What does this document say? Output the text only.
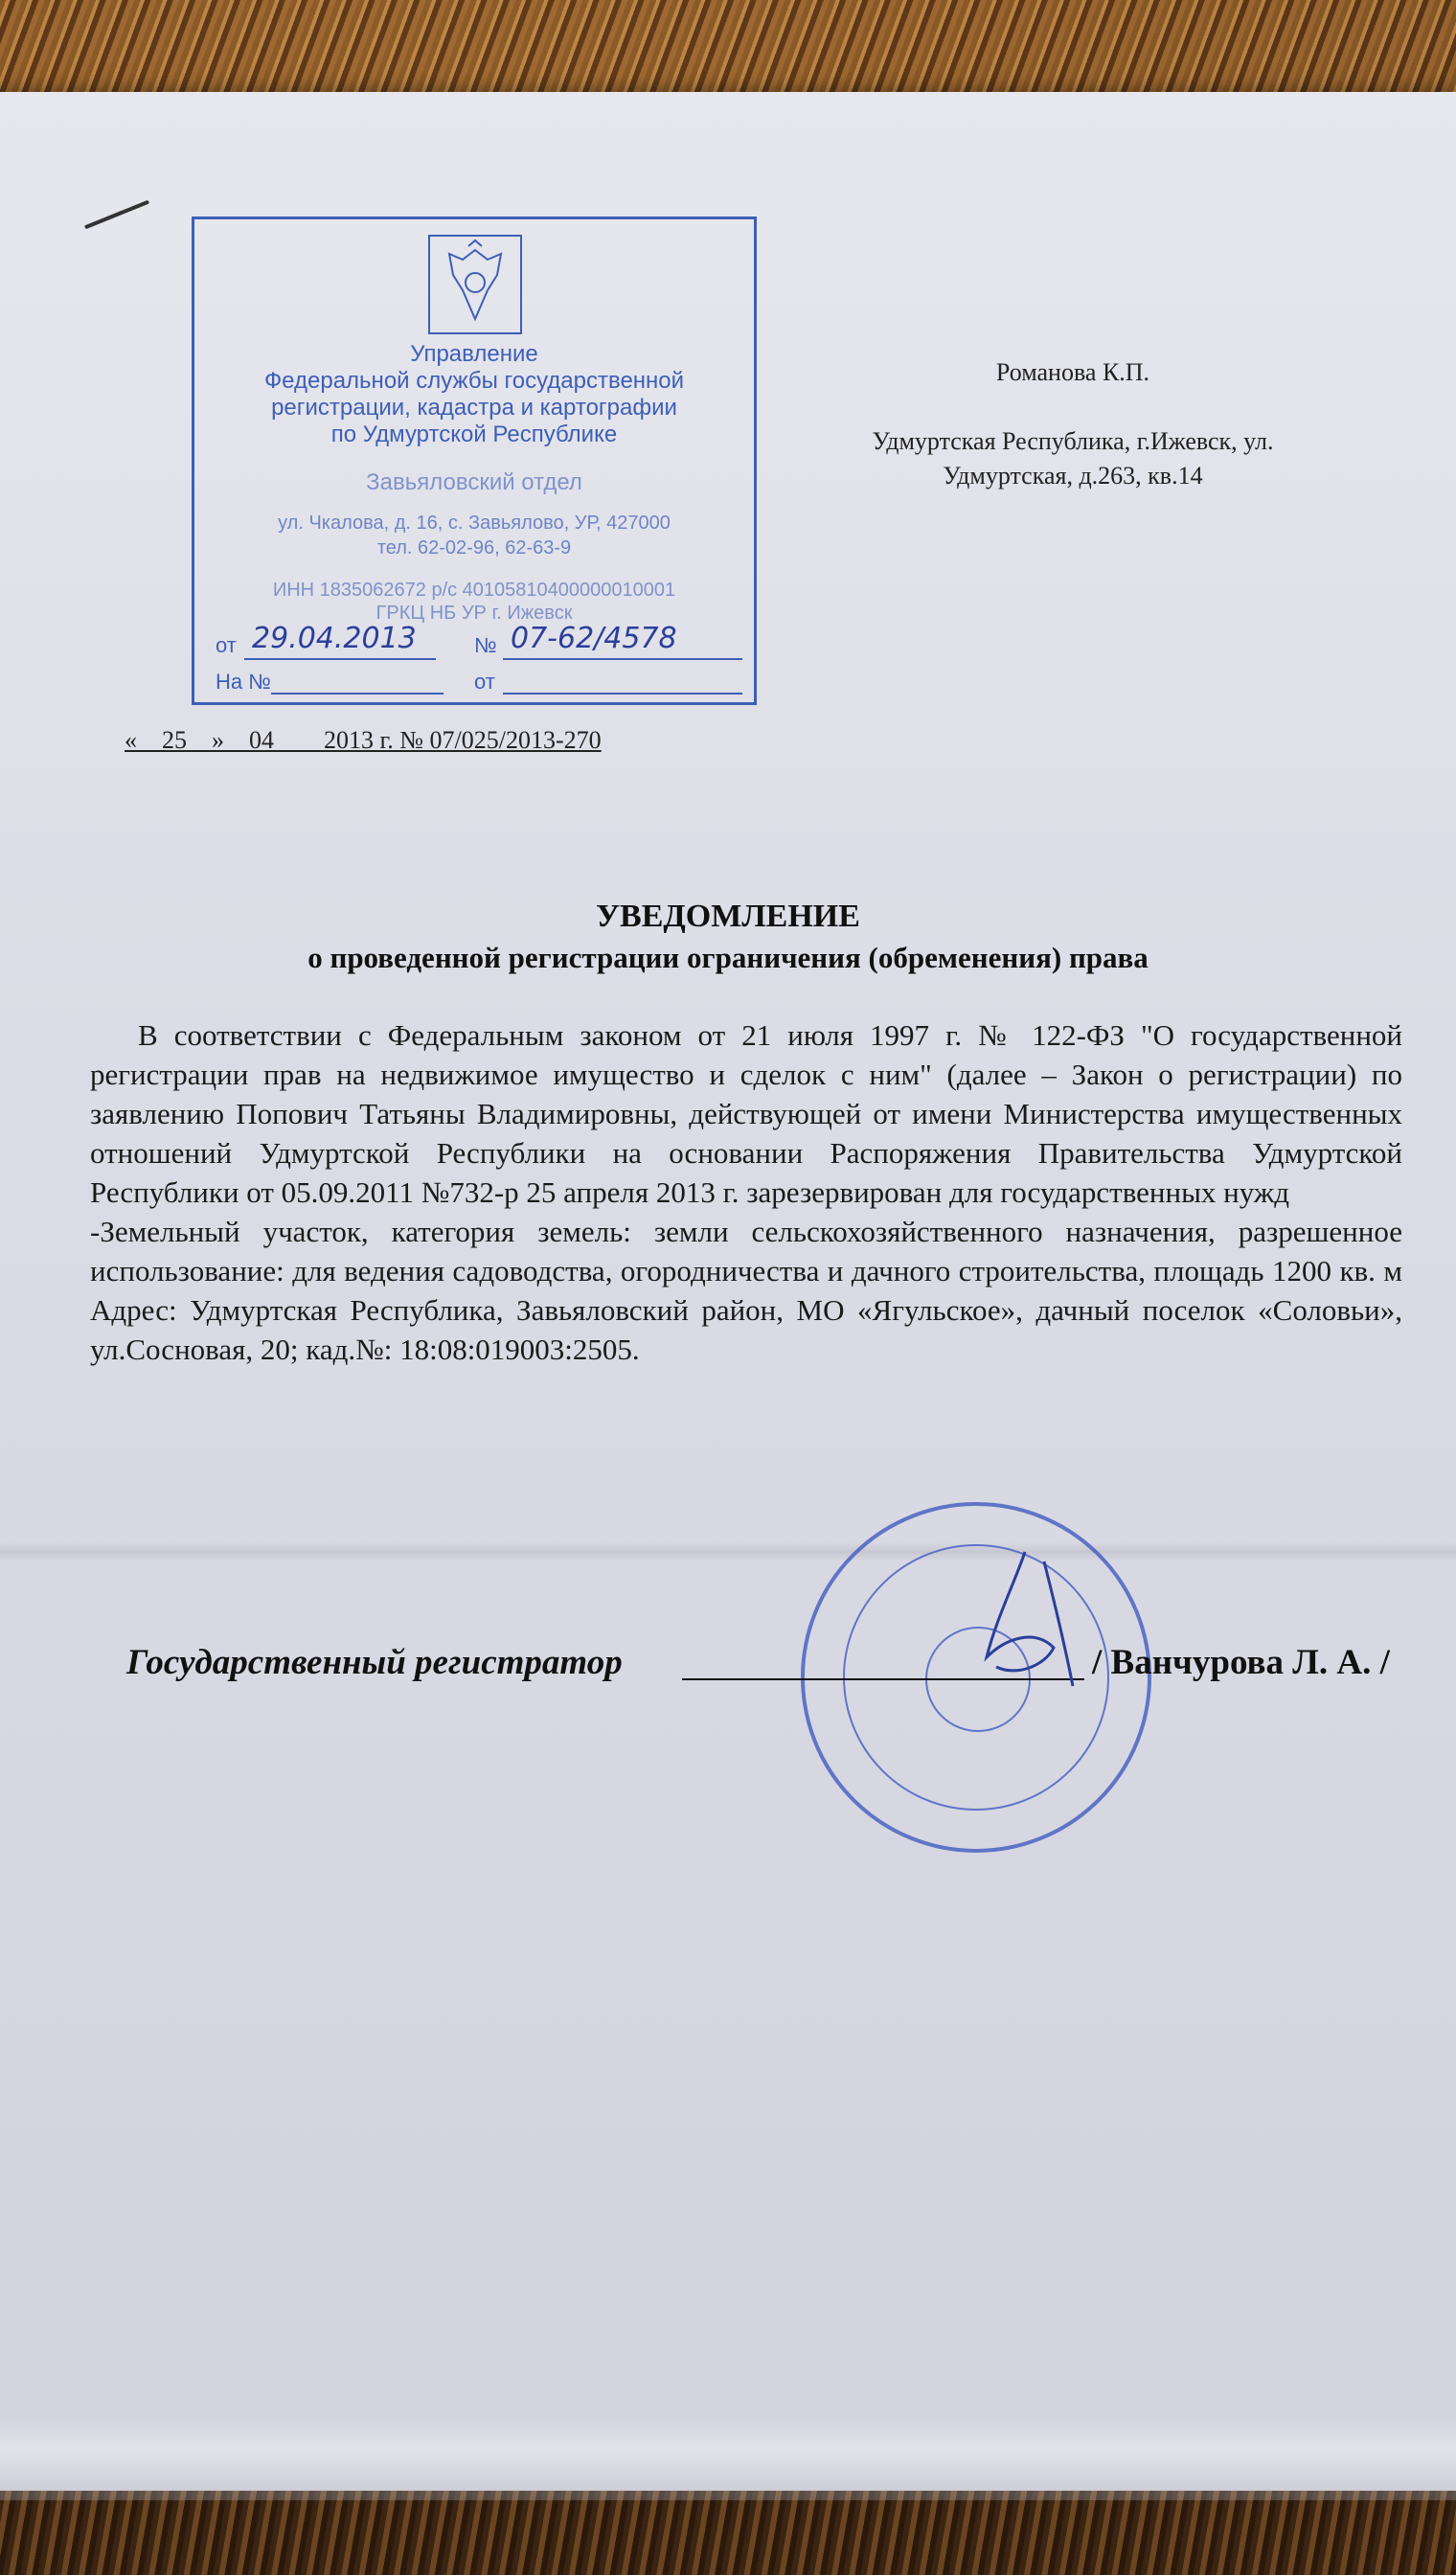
Управление
Федеральной службы государственной
регистрации, кадастра и картографии
по Удмуртской Республике
Завьяловский отдел
ул. Чкалова, д. 16, с. Завьялово, УР, 427000
тел. 62-02-96, 62-63-9
ИНН 1835062672 р/с 40105810400000010001
ГРКЦ НБ УР г. Ижевск
от 29.04.2013	№ 07-62/4578
На №	от
Романова К.П.
Удмуртская Республика, г.Ижевск, ул.
Удмуртская, д.263, кв.14
«__25__»__04____2013 г. № 07/025/2013-270
УВЕДОМЛЕНИЕ
о проведенной регистрации ограничения (обременения) права

В соответствии с Федеральным законом от 21 июля 1997 г. № 122-ФЗ "О государственной регистрации прав на недвижимое имущество и сделок с ним" (далее – Закон о регистрации) по заявлению Попович Татьяны Владимировны, действующей от имени Министерства имущественных отношений Удмуртской Республики на основании Распоряжения Правительства Удмуртской Республики от 05.09.2011 №732-р 25 апреля 2013 г. зарезервирован для государственных нужд

-Земельный участок, категория земель: земли сельскохозяйственного назначения, разрешенное использование: для ведения садоводства, огородничества и дачного строительства, площадь 1200 кв. м Адрес: Удмуртская Республика, Завьяловский район, МО «Ягульское», дачный поселок «Соловьи», ул.Сосновая, 20; кад.№: 18:08:019003:2505.

Государственный регистратор	/ Ванчурова Л. А. /
